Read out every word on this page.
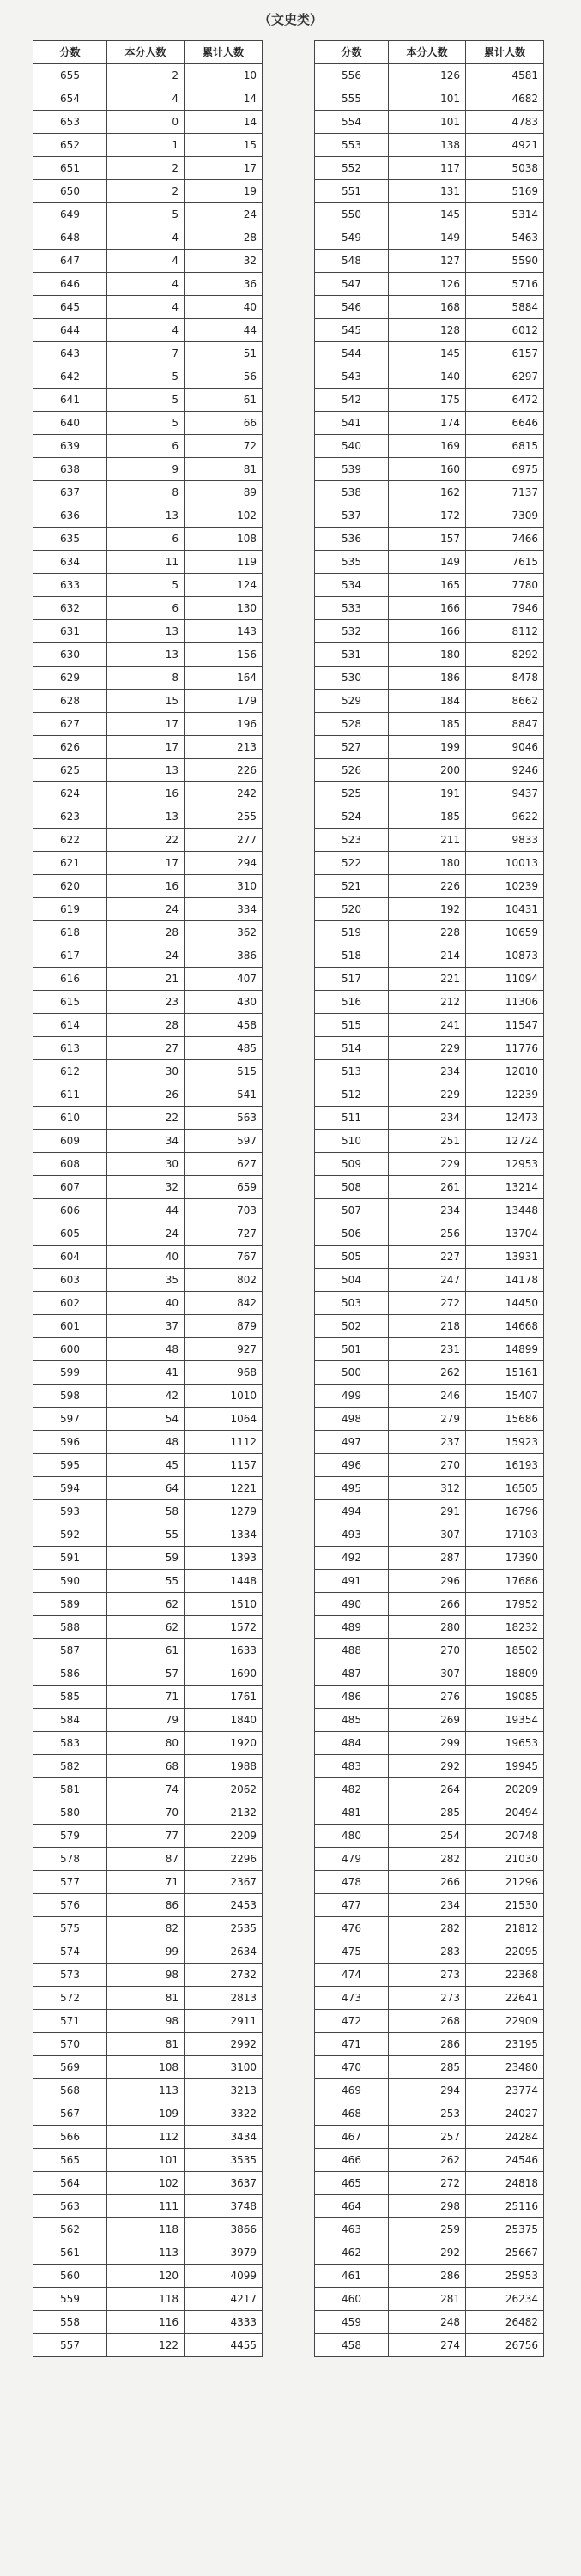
（文史类）
分数	本分人数	累计人数
655	2	10
654	4	14
653	0	14
652	1	15
651	2	17
650	2	19
649	5	24
648	4	28
647	4	32
646	4	36
645	4	40
644	4	44
643	7	51
642	5	56
641	5	61
640	5	66
639	6	72
638	9	81
637	8	89
636	13	102
635	6	108
634	11	119
633	5	124
632	6	130
631	13	143
630	13	156
629	8	164
628	15	179
627	17	196
626	17	213
625	13	226
624	16	242
623	13	255
622	22	277
621	17	294
620	16	310
619	24	334
618	28	362
617	24	386
616	21	407
615	23	430
614	28	458
613	27	485
612	30	515
611	26	541
610	22	563
609	34	597
608	30	627
607	32	659
606	44	703
605	24	727
604	40	767
603	35	802
602	40	842
601	37	879
600	48	927
599	41	968
598	42	1010
597	54	1064
596	48	1112
595	45	1157
594	64	1221
593	58	1279
592	55	1334
591	59	1393
590	55	1448
589	62	1510
588	62	1572
587	61	1633
586	57	1690
585	71	1761
584	79	1840
583	80	1920
582	68	1988
581	74	2062
580	70	2132
579	77	2209
578	87	2296
577	71	2367
576	86	2453
575	82	2535
574	99	2634
573	98	2732
572	81	2813
571	98	2911
570	81	2992
569	108	3100
568	113	3213
567	109	3322
566	112	3434
565	101	3535
564	102	3637
563	111	3748
562	118	3866
561	113	3979
560	120	4099
559	118	4217
558	116	4333
557	122	4455
分数	本分人数	累计人数
556	126	4581
555	101	4682
554	101	4783
553	138	4921
552	117	5038
551	131	5169
550	145	5314
549	149	5463
548	127	5590
547	126	5716
546	168	5884
545	128	6012
544	145	6157
543	140	6297
542	175	6472
541	174	6646
540	169	6815
539	160	6975
538	162	7137
537	172	7309
536	157	7466
535	149	7615
534	165	7780
533	166	7946
532	166	8112
531	180	8292
530	186	8478
529	184	8662
528	185	8847
527	199	9046
526	200	9246
525	191	9437
524	185	9622
523	211	9833
522	180	10013
521	226	10239
520	192	10431
519	228	10659
518	214	10873
517	221	11094
516	212	11306
515	241	11547
514	229	11776
513	234	12010
512	229	12239
511	234	12473
510	251	12724
509	229	12953
508	261	13214
507	234	13448
506	256	13704
505	227	13931
504	247	14178
503	272	14450
502	218	14668
501	231	14899
500	262	15161
499	246	15407
498	279	15686
497	237	15923
496	270	16193
495	312	16505
494	291	16796
493	307	17103
492	287	17390
491	296	17686
490	266	17952
489	280	18232
488	270	18502
487	307	18809
486	276	19085
485	269	19354
484	299	19653
483	292	19945
482	264	20209
481	285	20494
480	254	20748
479	282	21030
478	266	21296
477	234	21530
476	282	21812
475	283	22095
474	273	22368
473	273	22641
472	268	22909
471	286	23195
470	285	23480
469	294	23774
468	253	24027
467	257	24284
466	262	24546
465	272	24818
464	298	25116
463	259	25375
462	292	25667
461	286	25953
460	281	26234
459	248	26482
458	274	26756
